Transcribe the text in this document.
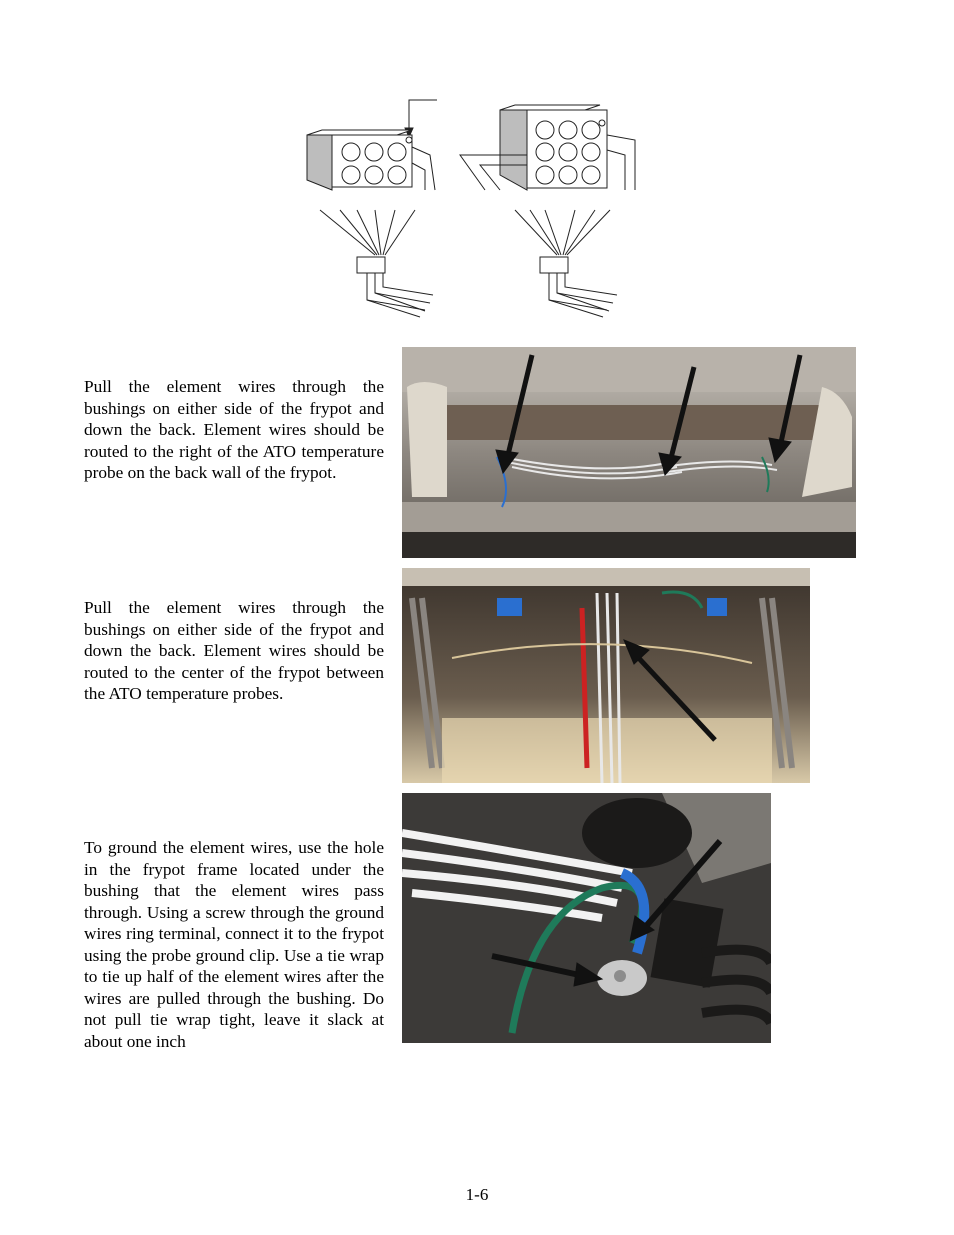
Pull the element wires through the bushings on either side of the frypot and down the back. Element wires should be routed to the right of the ATO temperature probe on the back wall of the frypot.

Pull the element wires through the bushings on either side of the frypot and down the back. Element wires should be routed to the center of the frypot between the ATO temperature probes.

To ground the element wires, use the hole in the frypot frame located under the bushing that the element wires pass through. Using a screw through the ground wires ring terminal, connect it to the frypot using the probe ground clip. Use a tie wrap to tie up half of the element wires after the wires are pulled through the bushing. Do not pull tie wrap tight, leave it slack at about one inch

1-6
